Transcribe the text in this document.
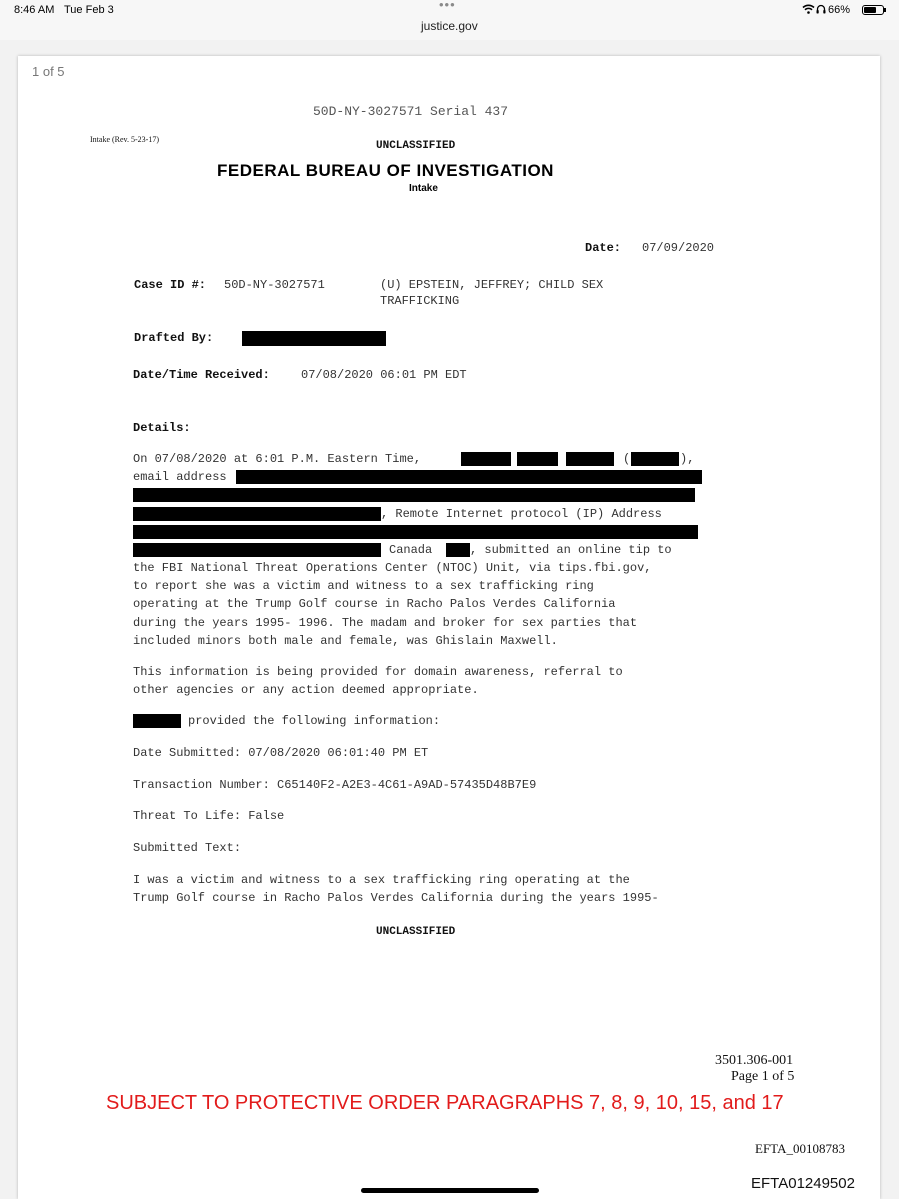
8:46 AM Tue Feb 3	•••
justice.gov
66%
1 of 5
50D-NY-3027571 Serial 437
Intake (Rev. 5-23-17)
UNCLASSIFIED
FEDERAL BUREAU OF INVESTIGATION
Intake
Date: 07/09/2020
Case ID #: 50D-NY-3027571	(U) EPSTEIN, JEFFREY; CHILD SEX
TRAFFICKING
Drafted By:
Date/Time Received:	07/08/2020 06:01 PM EDT
Details:
On 07/08/2020 at 6:01 P.M. Eastern Time,	(	),
email address
, Remote Internet protocol (IP) Address
Canada	, submitted an online tip to
the FBI National Threat Operations Center (NTOC) Unit, via tips.fbi.gov,
to report she was a victim and witness to a sex trafficking ring
operating at the Trump Golf course in Racho Palos Verdes California
during the years 1995- 1996. The madam and broker for sex parties that
included minors both male and female, was Ghislain Maxwell.
This information is being provided for domain awareness, referral to
other agencies or any action deemed appropriate.
provided the following information:
Date Submitted: 07/08/2020 06:01:40 PM ET
Transaction Number: C65140F2-A2E3-4C61-A9AD-57435D48B7E9
Threat To Life: False
Submitted Text:
I was a victim and witness to a sex trafficking ring operating at the
Trump Golf course in Racho Palos Verdes California during the years 1995-
UNCLASSIFIED
3501.306-001
Page 1 of 5
SUBJECT TO PROTECTIVE ORDER PARAGRAPHS 7, 8, 9, 10, 15, and 17
EFTA_00108783
EFTA01249502
